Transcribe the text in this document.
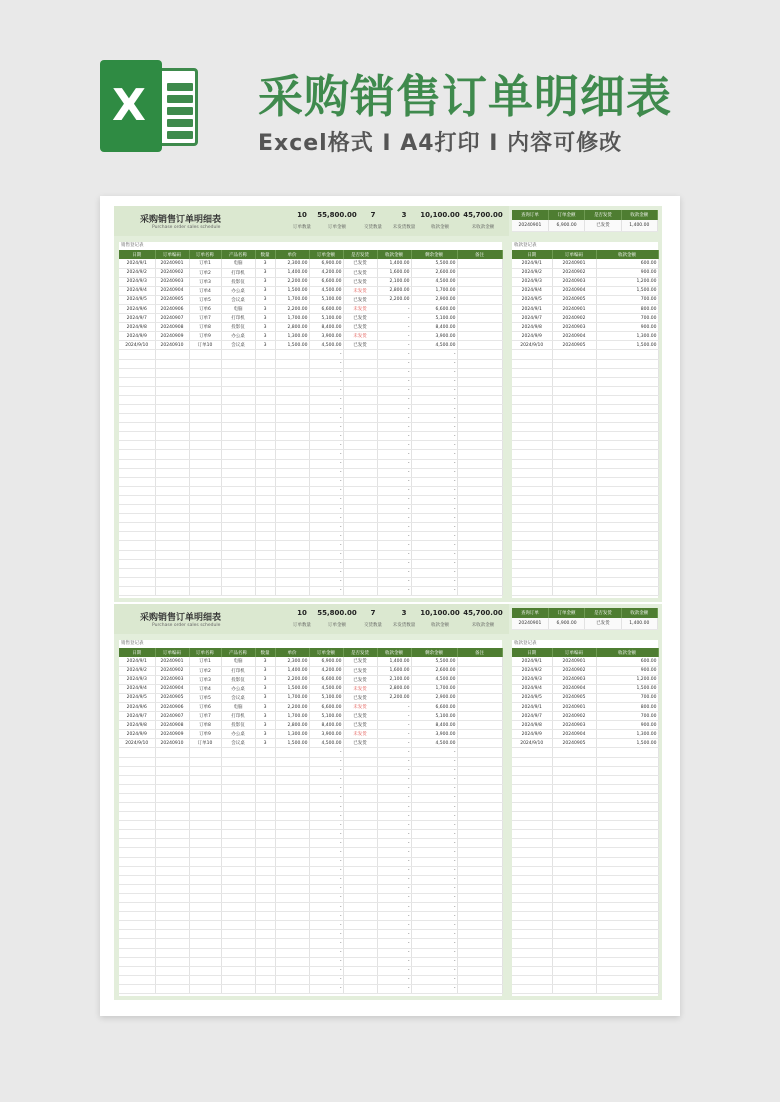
X 采购销售订单明细表
Excel格式 I A4打印 I 内容可修改
采购销售订单明细表
Purchase order sales schedule
10
订单数量
55,800.00
订单金额
7
交货数量
3
未发货数量
10,100.00
收款金额
45,700.00
未收款金额
查询订单	订单金额	是否发货	收款金额
20240901	6,900.00	已发货	1,400.00
销售登记表
日期	订单编码	订单名称	产品名称	数量	单价	订单金额	是否发货	收款金额	剩余金额	备注
2024/9/1	20240901	订单1	电脑	3	2,300.00	6,900.00	已发货	1,400.00	5,500.00	
2024/9/2	20240902	订单2	打印机	3	1,400.00	4,200.00	已发货	1,600.00	2,600.00	
2024/9/3	20240903	订单3	投影仪	3	2,200.00	6,600.00	已发货	2,100.00	4,500.00	
2024/9/4	20240904	订单4	办公桌	3	1,500.00	4,500.00	未发货	2,800.00	1,700.00	
2024/9/5	20240905	订单5	会议桌	3	1,700.00	5,100.00	已发货	2,200.00	2,900.00	
2024/9/6	20240906	订单6	电脑	3	2,200.00	6,600.00	未发货	-	6,600.00	
2024/9/7	20240907	订单7	打印机	3	1,700.00	5,100.00	已发货	-	5,100.00	
2024/9/8	20240908	订单8	投影仪	3	2,800.00	8,400.00	已发货	-	8,400.00	
2024/9/9	20240909	订单9	办公桌	3	1,300.00	3,900.00	未发货	-	3,900.00	
2024/9/10	20240910	订单10	会议桌	3	1,500.00	4,500.00	已发货	-	4,500.00	
						-		-	-	
						-		-	-	
						-		-	-	
						-		-	-	
						-		-	-	
						-		-	-	
						-		-	-	
						-		-	-	
						-		-	-	
						-		-	-	
						-		-	-	
						-		-	-	
						-		-	-	
						-		-	-	
						-		-	-	
						-		-	-	
						-		-	-	
						-		-	-	
						-		-	-	
						-		-	-	
						-		-	-	
						-		-	-	
						-		-	-	
						-		-	-	
						-		-	-	
						-		-	-	
						-		-	-	
收款登记表
日期	订单编码	收款金额
2024/9/1	20240901	600.00
2024/9/2	20240902	900.00
2024/9/3	20240903	1,200.00
2024/9/4	20240904	1,500.00
2024/9/5	20240905	700.00
2024/9/1	20240901	800.00
2024/9/7	20240902	700.00
2024/9/8	20240903	900.00
2024/9/9	20240904	1,300.00
2024/9/10	20240905	1,500.00

采购销售订单明细表
Purchase order sales schedule
10
订单数量
55,800.00
订单金额
7
交货数量
3
未发货数量
10,100.00
收款金额
45,700.00
未收款金额
查询订单	订单金额	是否发货	收款金额
20240901	6,900.00	已发货	1,400.00
销售登记表
日期	订单编码	订单名称	产品名称	数量	单价	订单金额	是否发货	收款金额	剩余金额	备注
2024/9/1	20240901	订单1	电脑	3	2,300.00	6,900.00	已发货	1,400.00	5,500.00	
2024/9/2	20240902	订单2	打印机	3	1,400.00	4,200.00	已发货	1,600.00	2,600.00	
2024/9/3	20240903	订单3	投影仪	3	2,200.00	6,600.00	已发货	2,100.00	4,500.00	
2024/9/4	20240904	订单4	办公桌	3	1,500.00	4,500.00	未发货	2,800.00	1,700.00	
2024/9/5	20240905	订单5	会议桌	3	1,700.00	5,100.00	已发货	2,200.00	2,900.00	
2024/9/6	20240906	订单6	电脑	3	2,200.00	6,600.00	未发货	-	6,600.00	
2024/9/7	20240907	订单7	打印机	3	1,700.00	5,100.00	已发货	-	5,100.00	
2024/9/8	20240908	订单8	投影仪	3	2,800.00	8,400.00	已发货	-	8,400.00	
2024/9/9	20240909	订单9	办公桌	3	1,300.00	3,900.00	未发货	-	3,900.00	
2024/9/10	20240910	订单10	会议桌	3	1,500.00	4,500.00	已发货	-	4,500.00	
						-		-	-	
						-		-	-	
						-		-	-	
						-		-	-	
						-		-	-	
						-		-	-	
						-		-	-	
						-		-	-	
						-		-	-	
						-		-	-	
						-		-	-	
						-		-	-	
						-		-	-	
						-		-	-	
						-		-	-	
						-		-	-	
						-		-	-	
						-		-	-	
						-		-	-	
						-		-	-	
						-		-	-	
						-		-	-	
						-		-	-	
						-		-	-	
						-		-	-	
						-		-	-	
						-		-	-	
收款登记表
日期	订单编码	收款金额
2024/9/1	20240901	600.00
2024/9/2	20240902	900.00
2024/9/3	20240903	1,200.00
2024/9/4	20240904	1,500.00
2024/9/5	20240905	700.00
2024/9/1	20240901	800.00
2024/9/7	20240902	700.00
2024/9/8	20240903	900.00
2024/9/9	20240904	1,300.00
2024/9/10	20240905	1,500.00
